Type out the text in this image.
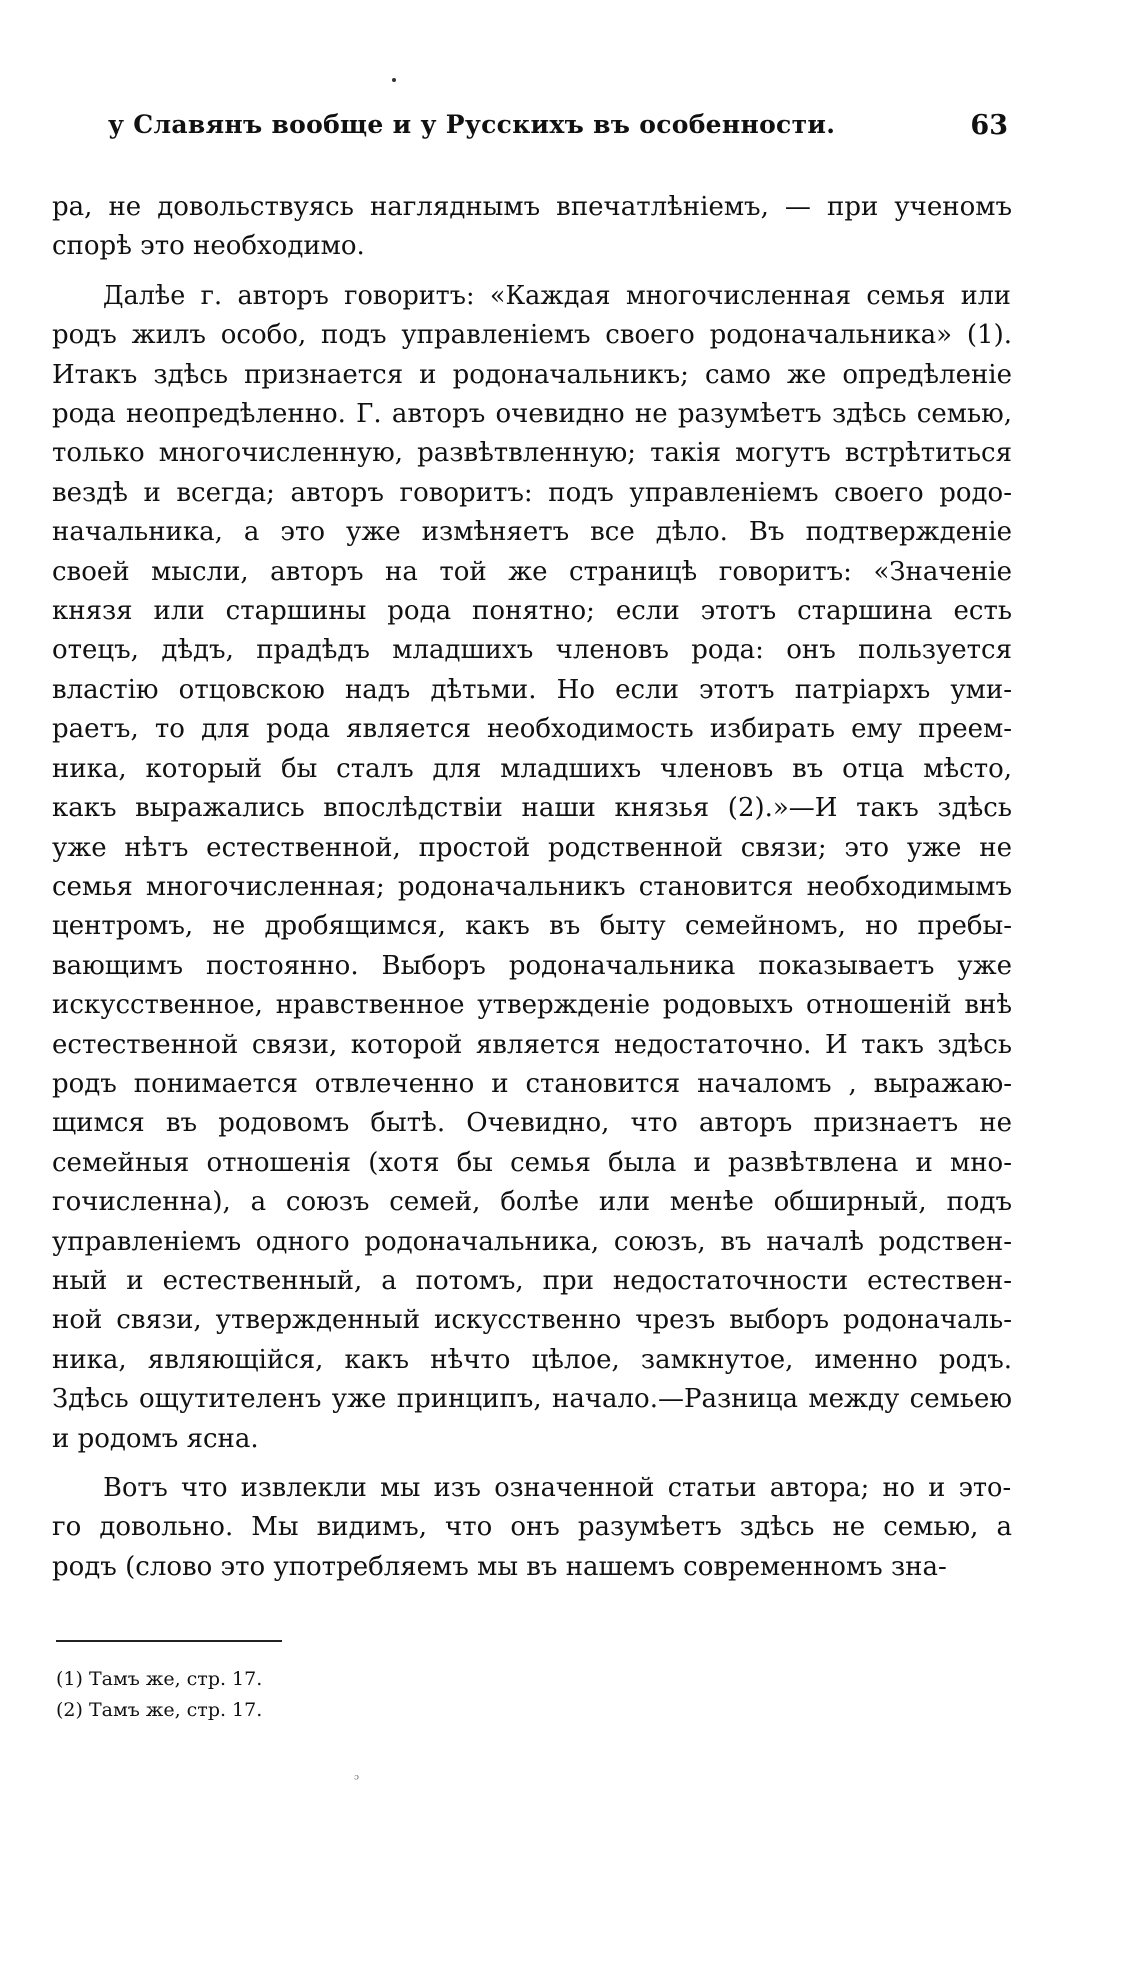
у Славянъ вообще и у Русскихъ въ особенности.	63
ра, не довольствуясь нагляднымъ впечатлѣніемъ, — при ученомъ
спорѣ это необходимо.
Далѣе г. авторъ говоритъ: «Каждая многочисленная семья или
родъ жилъ особо, подъ управленіемъ своего родоначальника» (1).
Итакъ здѣсь признается и родоначальникъ; само же опредѣленіе
рода неопредѣленно. Г. авторъ очевидно не разумѣетъ здѣсь семью,
только многочисленную, развѣтвленную; такія могутъ встрѣтиться
вездѣ и всегда; авторъ говоритъ: подъ управленіемъ своего родо-
начальника, а это уже измѣняетъ все дѣло. Въ подтвержденіе
своей мысли, авторъ на той же страницѣ говоритъ: «Значеніе
князя или старшины рода понятно; если этотъ старшина есть
отецъ, дѣдъ, прадѣдъ младшихъ членовъ рода: онъ пользуется
властію отцовскою надъ дѣтьми. Но если этотъ патріархъ уми-
раетъ, то для рода является необходимость избирать ему преем-
ника, который бы сталъ для младшихъ членовъ въ отца мѣсто,
какъ выражались впослѣдствіи наши князья (2).»—И такъ здѣсь
уже нѣтъ естественной, простой родственной связи; это уже не
семья многочисленная; родоначальникъ становится необходимымъ
центромъ, не дробящимся, какъ въ быту семейномъ, но пребы-
вающимъ постоянно. Выборъ родоначальника показываетъ уже
искусственное, нравственное утвержденіе родовыхъ отношеній внѣ
естественной связи, которой является недостаточно. И такъ здѣсь
родъ понимается отвлеченно и становится началомъ , выражаю-
щимся въ родовомъ бытѣ. Очевидно, что авторъ признаетъ не
семейныя отношенія (хотя бы семья была и развѣтвлена и мно-
гочисленна), а союзъ семей, болѣе или менѣе обширный, подъ
управленіемъ одного родоначальника, союзъ, въ началѣ родствен-
ный и естественный, а потомъ, при недостаточности естествен-
ной связи, утвержденный искусственно чрезъ выборъ родоначаль-
ника, являющійся, какъ нѣчто цѣлое, замкнутое, именно родъ.
Здѣсь ощутителенъ уже принципъ, начало.—Разница между семьею
и родомъ ясна.
Вотъ что извлекли мы изъ означенной статьи автора; но и это-
го довольно. Мы видимъ, что онъ разумѣетъ здѣсь не семью, а
родъ (слово это употребляемъ мы въ нашемъ современномъ зна-
(1) Тамъ же, стр. 17.
(2) Тамъ же, стр. 17.
ᵓ
